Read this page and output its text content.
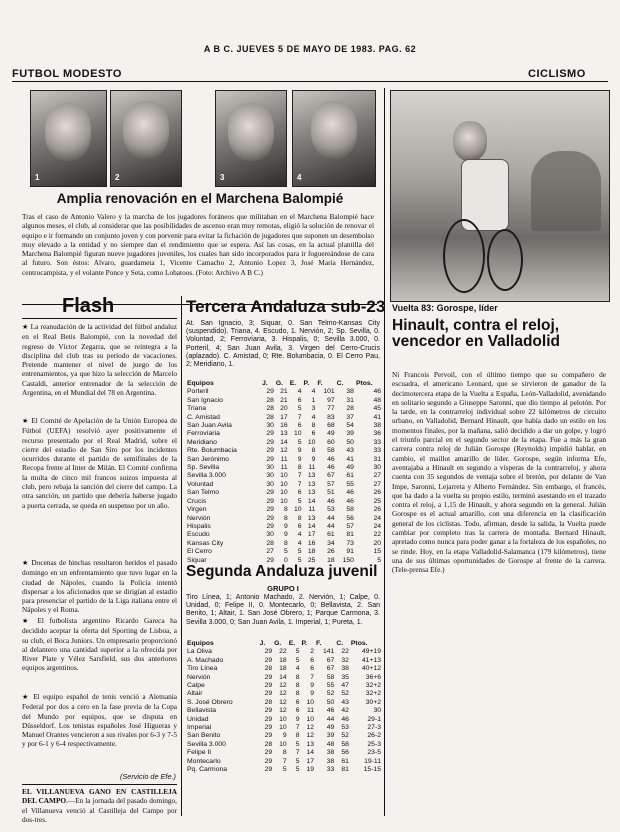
A B C. JUEVES 5 DE MAYO DE 1983. PAG. 62
FUTBOL MODESTO	CICLISMO
1	2	3	4
Amplia renovación en el Marchena Balompié
Tras el caso de Antonio Valero y la marcha de los jugadores foráneos que militaban en el Marchena Balompié hace algunos meses, el club, al considerar que las posibilidades de ascenso eran muy remotas, eligió la solución de renovar el equipo e ir formando un conjunto joven y con porvenir para evitar la fichación de jugadores que suponen un desembolso muy elevado a la entidad y no siempre dan el rendimiento que se espera. Así las cosas, en la actual plantilla del Marchena Balompié figuran nueve jugadores juveniles, los cuales han sido incorporados para ir foguereándose de cara al futuro. Son éstos: Alvaro, guardameta 1, Vicente Camacho 2, Antonio Lopez 3, José María Hernández, centrocampista, y el volante Ponce y Seta, como Lobatoos. (Foto: Archivo A B C.)
Vuelta 83: Gorospe, líder
Hinault, contra el reloj, vencedor en Valladolid
Ni Francois Pervoil, con el último tiempo que su compañero de escuadra, el americano Leonard, que se sirvieron de ganador de la decimotercera etapa de la Vuelta a España, León-Valladolid, avenidando en solitario segundo a Giuseppe Saronni, que dio tiempo al pelotón. Por la tarde, en la contrarreloj individual sobre 22 kilómetros de circuito urbano, en Valladolid, Bernard Hinault, que había dado un estilo en los momentos finales, por la mañana, salió decidido a dar un golpe, y logró el triunfo parcial en el segundo sector de la etapa. Fue a más la gran carrera contra reloj de Julián Gorospe (Reynolds) impidió hablar, en cambio, el maillot amarillo de líder. Gorospe, según informa Efe, aventajaba a Hinault en segundo a vísperas de la contrarreloj, y ahora cuenta con 35 segundos de ventaja sobre el bretón, por delante de Van Impe, Saronni, Lejarreta y Alberto Fernández. Sin embargo, el francés, que ha dado a la vuelta su propio estilo, terminó asestando en el trazado contra el reloj, a 1,15 de Hinault, y ahora segundo en la general. Julián Gorospe es el actual amarillo, con una diferencia en la clasificación general de los ciclistas. Todo, afirman, desde la salida, la Vuelta puede cambiar por completo tras la carrera de montaña. Bernard Hinault, apretado como nunca para poder ganar a la fortaleza de los españoles, no se rinde. Hoy, en la etapa Valladolid-Salamanca (179 kilómetros), tiene una de sus últimas oportunidades de Gorospe al frente de la carrera. (Tele-prensa Efe.)
Flash
★ La reanudación de la actividad del fútbol andaluz en el Real Betis Balompié, con la novedad del regreso de Víctor Zegarra, que se reintegra a la disciplina del club tras su período de vacaciones. Pretende mantener el nivel de juego de los entrenamientos, ya que hizo la selección de Marcelo Castaldi, anterior entrenador de la selección de Argentina, en el Mundial del 78 en Argentina.
★ El Comité de Apelación de la Unión Europea de Fútbol (UEFA) resolvió ayer positivamente el recurso presentado por el Real Madrid, sobre el cierre del estadio de San Siro por los incidentes ocurridos durante el partido de semifinales de la Recopa frente al Inter de Milán. El Comité confirma la multa de cinco mil francos suizos impuesta al club, pero rebaja la sanción del cierre del campo. La otra sanción, un partido que debería haberse jugado a puerta cerrada, se queda en suspenso por un año.
★ Docenas de hinchas resultaron heridos el pasado domingo en un enfrentamiento que tuvo lugar en la ciudad de Nápoles, cuando la Policía intentó dispersar a los aficionados que se dirigían al estadio para presenciar el partido de la Liga italiana entre el Nápoles y el Roma.
★ El futbolista argentino Ricardo Gareca ha decidido aceptar la oferta del Sporting de Lisboa, a su club, el Boca Juniors. Un empresario proporcionó al delantero una cantidad superior a la ofrecida por River Plate y Vélez Sarsfield, sus dos anteriores equipos argentinos.
★ El equipo español de tenis venció a Alemania Federal por dos a cero en la fase previa de la Copa del Mundo por equipos, que se disputa en Düsseldorf. Los tenistas españoles José Higueras y Manuel Orantes vencieron a sus rivales por 6-3 y 7-5 y por 6-1 y 6-4 respectivamente.
(Servicio de Efe.)
EL VILLANUEVA GANO EN CASTILLEJA DEL CAMPO.—En la jornada del pasado domingo, el Villanueva venció al Castilleja del Campo por dos-tres.
Tercera Andaluza sub-23
At. San Ignacio, 3; Siquar, 0. San Telmo-Kansas City (suspendido). Triana, 4. Escudo, 1. Nervión, 2; Sp. Sevilla, 0. Voluntad, 2; Ferrovíaria, 3. Hispalis, 0; Sevilla 3.000, 0. Porteril, 4; San Juan Avila, 3. Virgen del Cerro-Crucis (aplazado). C. Amistad, 0; Rte. Bolumbacia, 0. El Cerro Pau, 2; Meridiano, 1.
Equipos	J.	G.	E.	P.	F.	C.	Ptos.
Porteril	29	21	4	4	101	38	46
San Ignacio	28	21	6	1	97	31	48
Triana	28	20	5	3	77	28	45
C. Amistad	28	17	7	4	83	37	41
San Juan Avila	30	16	6	8	68	54	38
Ferrovíaria	29	13	10	6	49	39	36
Meridiano	29	14	5	10	60	50	33
Rte. Bolumbacia	29	12	9	8	58	43	33
San Jerónimo	29	11	9	9	46	41	31
Sp. Sevilla	30	11	8	11	46	49	30
Sevilla 3.000	30	10	7	13	67	61	27
Voluntad	30	10	7	13	57	55	27
San Telmo	29	10	6	13	51	46	26
Crucis	29	10	5	14	46	46	25
Virgen	29	8	10	11	53	58	26
Nervión	29	8	8	13	44	56	24
Hispalis	29	9	6	14	44	57	24
Escudo	30	9	4	17	61	81	22
Kansas City	28	8	4	16	34	73	20
El Cerro	27	5	5	18	26	91	15
Siquar	29	0	5	25	18	150	5
Segunda Andaluza juvenil
GRUPO I
Tiro Línea, 1; Antonio Machado, 2. Nervión, 1; Calpe, 0. Unidad, 0; Felipe II, 0. Montecarlo, 0; Bellavista, 2. San Benito, 1; Altair, 1. San José Obrero, 1; Parque Carmona, 3. Sevilla 3.000, 0; San Juan Avila, 1. Imperial, 1; Pureta, 1.
Equipos	J.	G.	E.	P.	F.	C.	Ptos.
La Oliva	29	22	5	2	141	22	49+19
A. Machado	29	18	5	6	67	32	41+13
Tiro Línea	28	18	4	6	67	38	40+12
Nervión	29	14	8	7	58	35	36+6
Calpe	29	12	8	9	55	47	32+2
Altair	29	12	8	9	52	52	32+2
S. José Obrero	28	12	6	10	50	43	30+2
Bellavista	29	12	6	11	46	42	30
Unidad	29	10	9	10	44	46	29-1
Imperial	29	10	7	12	49	53	27-3
San Benito	29	9	8	12	39	52	26-2
Sevilla 3.000	28	10	5	13	48	58	25-3
Felipe II	29	8	7	14	38	56	23-5
Montecarlo	29	7	5	17	38	61	19-11
Pq. Carmona	29	5	5	19	33	81	15-15
